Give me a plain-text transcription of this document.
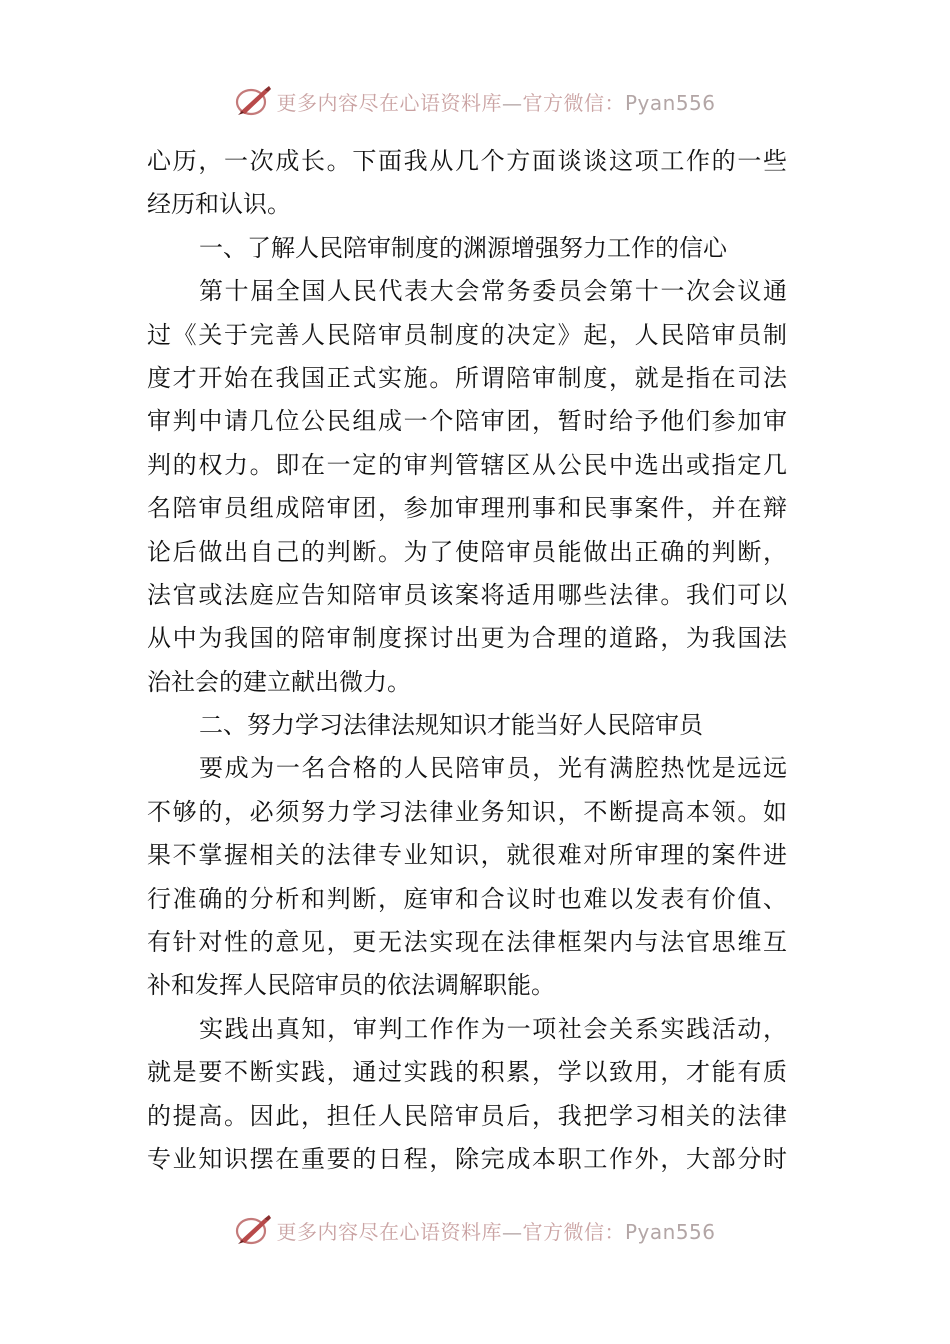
更多内容尽在心语资料库—官方微信：Pyan556
心历，一次成长。下面我从几个方面谈谈这项工作的一些
经历和认识。
一、了解人民陪审制度的渊源增强努力工作的信心
第十届全国人民代表大会常务委员会第十一次会议通
过《关于完善人民陪审员制度的决定》起，人民陪审员制
度才开始在我国正式实施。所谓陪审制度，就是指在司法
审判中请几位公民组成一个陪审团，暂时给予他们参加审
判的权力。即在一定的审判管辖区从公民中选出或指定几
名陪审员组成陪审团，参加审理刑事和民事案件，并在辩
论后做出自己的判断。为了使陪审员能做出正确的判断，
法官或法庭应告知陪审员该案将适用哪些法律。我们可以
从中为我国的陪审制度探讨出更为合理的道路，为我国法
治社会的建立献出微力。
二、努力学习法律法规知识才能当好人民陪审员
要成为一名合格的人民陪审员，光有满腔热忱是远远
不够的，必须努力学习法律业务知识，不断提高本领。如
果不掌握相关的法律专业知识，就很难对所审理的案件进
行准确的分析和判断，庭审和合议时也难以发表有价值、
有针对性的意见，更无法实现在法律框架内与法官思维互
补和发挥人民陪审员的依法调解职能。
实践出真知，审判工作作为一项社会关系实践活动，
就是要不断实践，通过实践的积累，学以致用，才能有质
的提高。因此，担任人民陪审员后，我把学习相关的法律
专业知识摆在重要的日程，除完成本职工作外，大部分时
更多内容尽在心语资料库—官方微信：Pyan556
